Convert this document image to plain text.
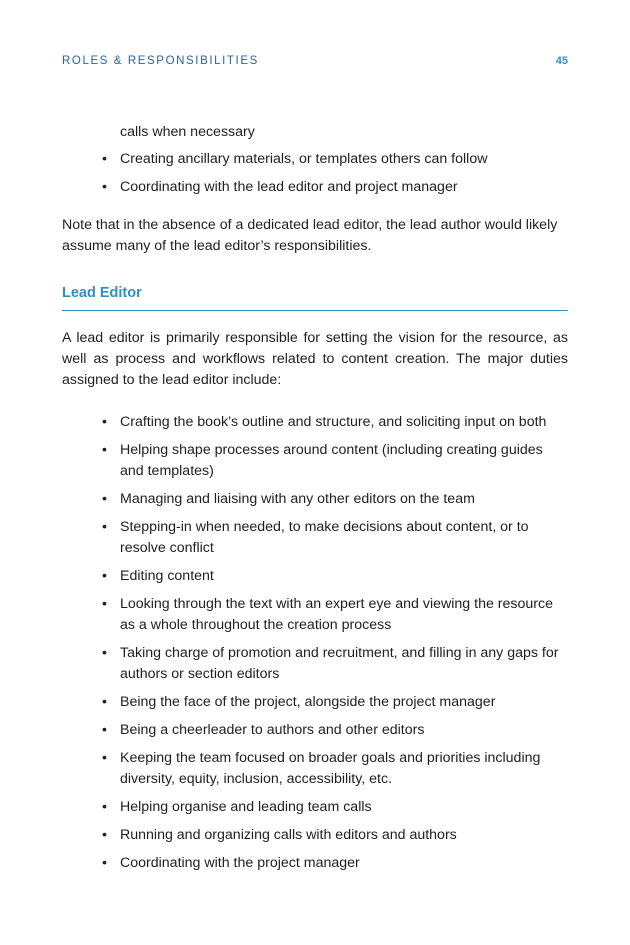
ROLES & RESPONSIBILITIES	45

calls when necessary

• Creating ancillary materials, or templates others can follow
• Coordinating with the lead editor and project manager

Note that in the absence of a dedicated lead editor, the lead author would likely assume many of the lead editor’s responsibilities.

Lead Editor

A lead editor is primarily responsible for setting the vision for the resource, as well as process and workflows related to content creation. The major duties assigned to the lead editor include:

• Crafting the book’s outline and structure, and soliciting input on both
• Helping shape processes around content (including creating guides and templates)
• Managing and liaising with any other editors on the team
• Stepping-in when needed, to make decisions about content, or to resolve conflict
• Editing content
• Looking through the text with an expert eye and viewing the resource as a whole throughout the creation process
• Taking charge of promotion and recruitment, and filling in any gaps for authors or section editors
• Being the face of the project, alongside the project manager
• Being a cheerleader to authors and other editors
• Keeping the team focused on broader goals and priorities including diversity, equity, inclusion, accessibility, etc.
• Helping organise and leading team calls
• Running and organizing calls with editors and authors
• Coordinating with the project manager
